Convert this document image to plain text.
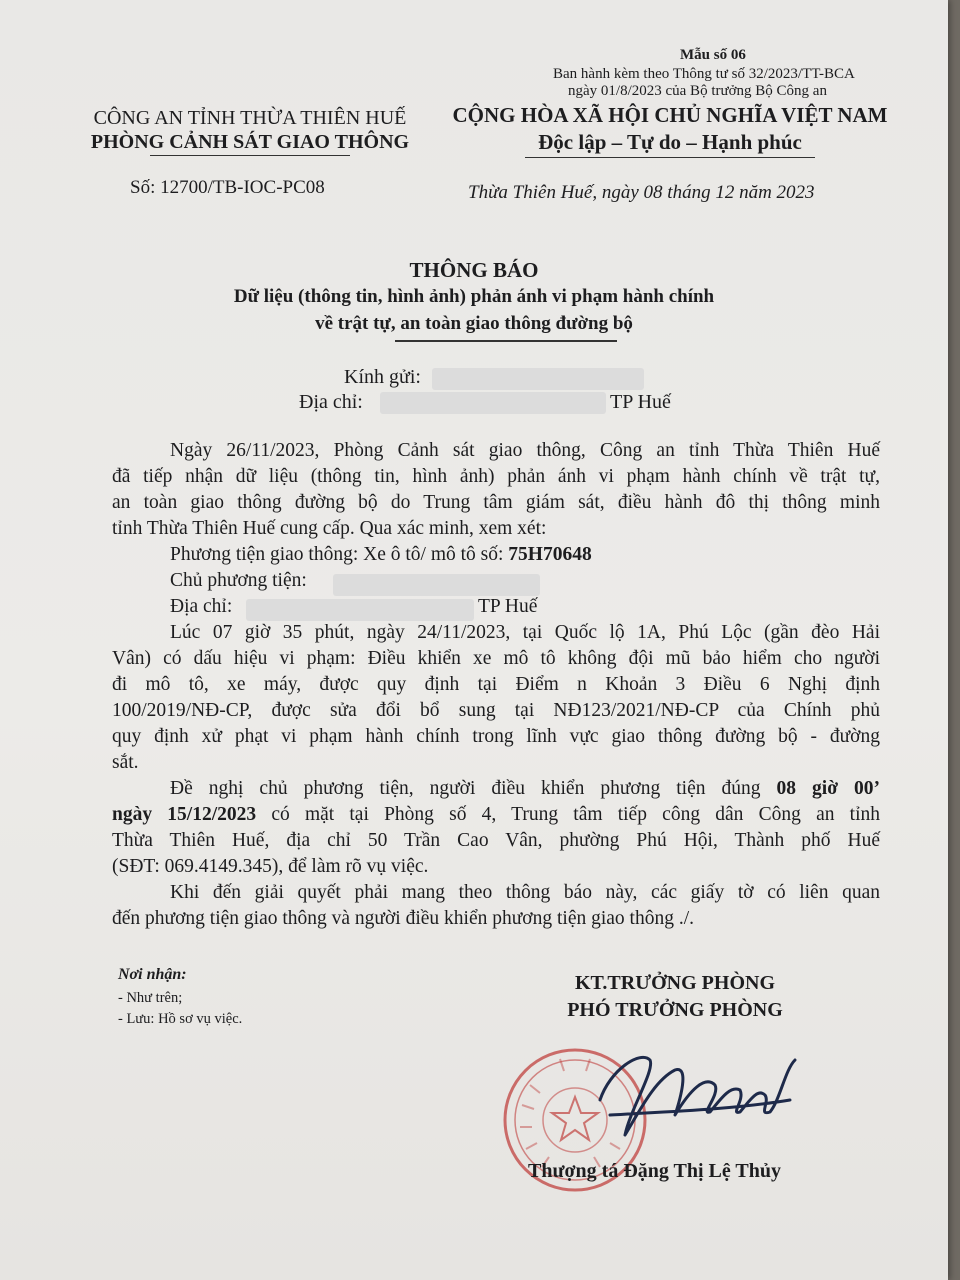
Mẫu số 06
Ban hành kèm theo Thông tư số 32/2023/TT-BCA
ngày 01/8/2023 của Bộ trưởng Bộ Công an
CÔNG AN TỈNH THỪA THIÊN HUẾ
PHÒNG CẢNH SÁT GIAO THÔNG
CỘNG HÒA XÃ HỘI CHỦ NGHĨA VIỆT NAM
Độc lập – Tự do – Hạnh phúc
Số: 12700/TB-IOC-PC08	Thừa Thiên Huế, ngày 08 tháng 12 năm 2023
THÔNG BÁO
Dữ liệu (thông tin, hình ảnh) phản ánh vi phạm hành chính
về trật tự, an toàn giao thông đường bộ
Kính gửi:
Địa chỉ:	TP Huế
Ngày 26/11/2023, Phòng Cảnh sát giao thông, Công an tỉnh Thừa Thiên Huế
đã tiếp nhận dữ liệu (thông tin, hình ảnh) phản ánh vi phạm hành chính về trật tự,
an toàn giao thông đường bộ do Trung tâm giám sát, điều hành đô thị thông minh
tỉnh Thừa Thiên Huế cung cấp. Qua xác minh, xem xét:
Phương tiện giao thông: Xe ô tô/ mô tô số: 75H70648
Chủ phương tiện:
Địa chỉ:	TP Huế
Lúc 07 giờ 35 phút, ngày 24/11/2023, tại Quốc lộ 1A, Phú Lộc (gần đèo Hải
Vân) có dấu hiệu vi phạm: Điều khiển xe mô tô không đội mũ bảo hiểm cho người
đi mô tô, xe máy, được quy định tại Điểm n Khoản 3 Điều 6 Nghị định
100/2019/NĐ-CP, được sửa đổi bổ sung tại NĐ123/2021/NĐ-CP của Chính phủ
quy định xử phạt vi phạm hành chính trong lĩnh vực giao thông đường bộ - đường
sắt.
Đề nghị chủ phương tiện, người điều khiển phương tiện đúng 08 giờ 00’
ngày 15/12/2023 có mặt tại Phòng số 4, Trung tâm tiếp công dân Công an tỉnh
Thừa Thiên Huế, địa chỉ 50 Trần Cao Vân, phường Phú Hội, Thành phố Huế
(SĐT: 069.4149.345), để làm rõ vụ việc.
Khi đến giải quyết phải mang theo thông báo này, các giấy tờ có liên quan
đến phương tiện giao thông và người điều khiển phương tiện giao thông ./.
Nơi nhận:
- Như trên;
- Lưu: Hồ sơ vụ việc.
KT.TRƯỞNG PHÒNG
PHÓ TRƯỞNG PHÒNG
Thượng tá Đặng Thị Lệ Thủy
